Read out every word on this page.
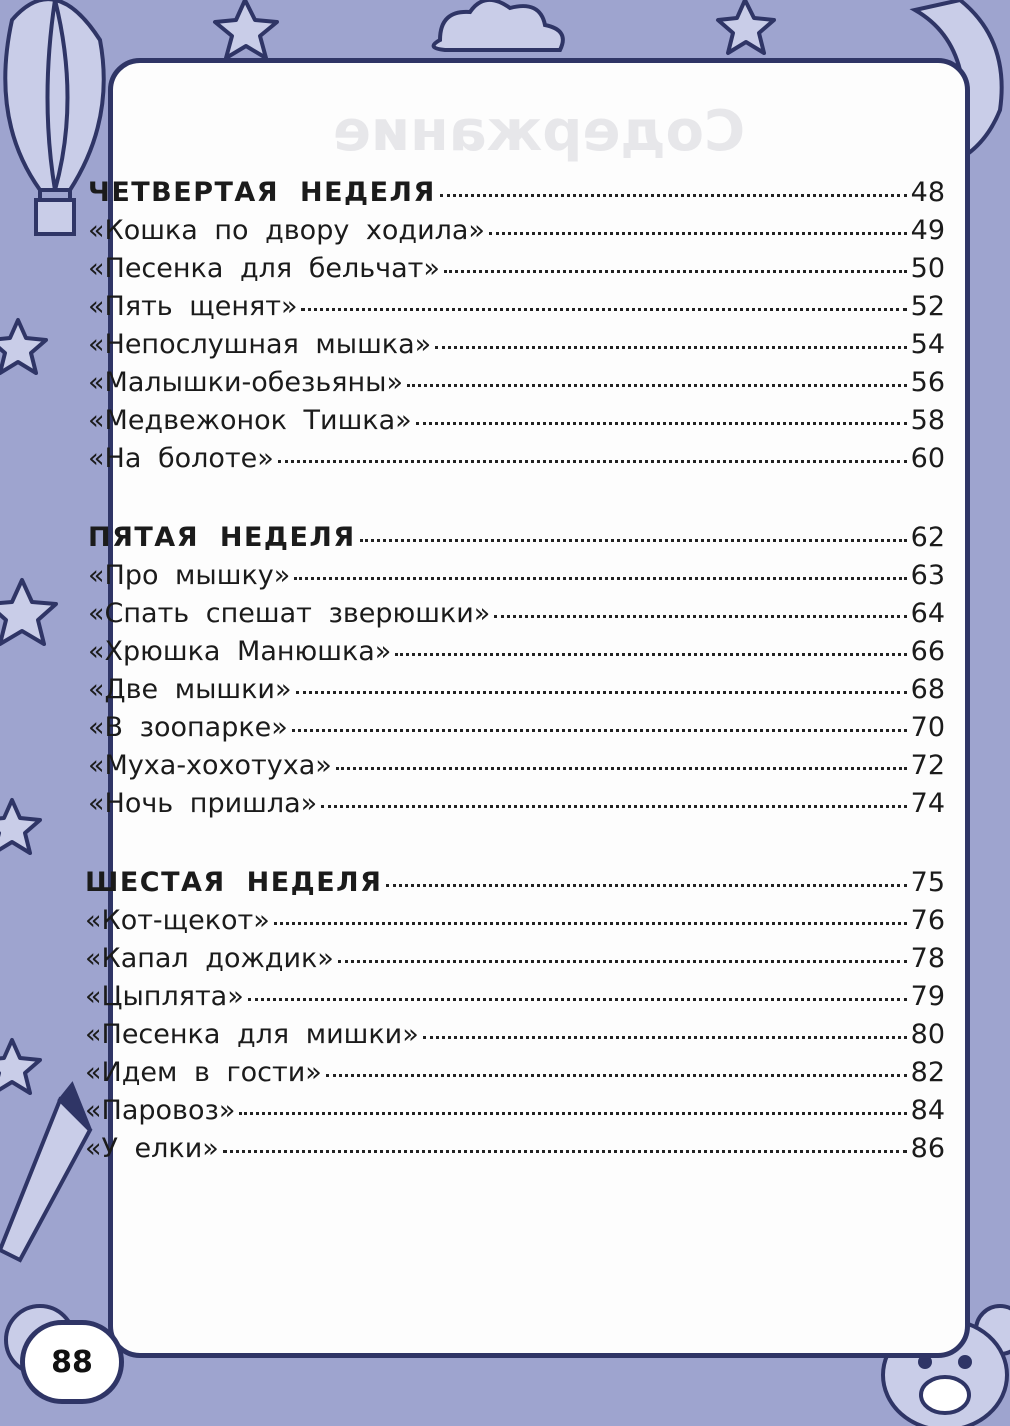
Содержание
ЧЕТВЕРТАЯ НЕДЕЛЯ	48
«Кошка по двору ходила»	49
«Песенка для бельчат»	50
«Пять щенят»	52
«Непослушная мышка»	54
«Малышки-обезьяны»	56
«Медвежонок Тишка»	58
«На болоте»	60
ПЯТАЯ НЕДЕЛЯ	62
«Про мышку»	63
«Спать спешат зверюшки»	64
«Хрюшка Манюшка»	66
«Две мышки»	68
«В зоопарке»	70
«Муха-хохотуха»	72
«Ночь пришла»	74
ШЕСТАЯ НЕДЕЛЯ	75
«Кот-щекот»	76
«Капал дождик»	78
«Цыплята»	79
«Песенка для мишки»	80
«Идем в гости»	82
«Паровоз»	84
«У елки»	86
88
